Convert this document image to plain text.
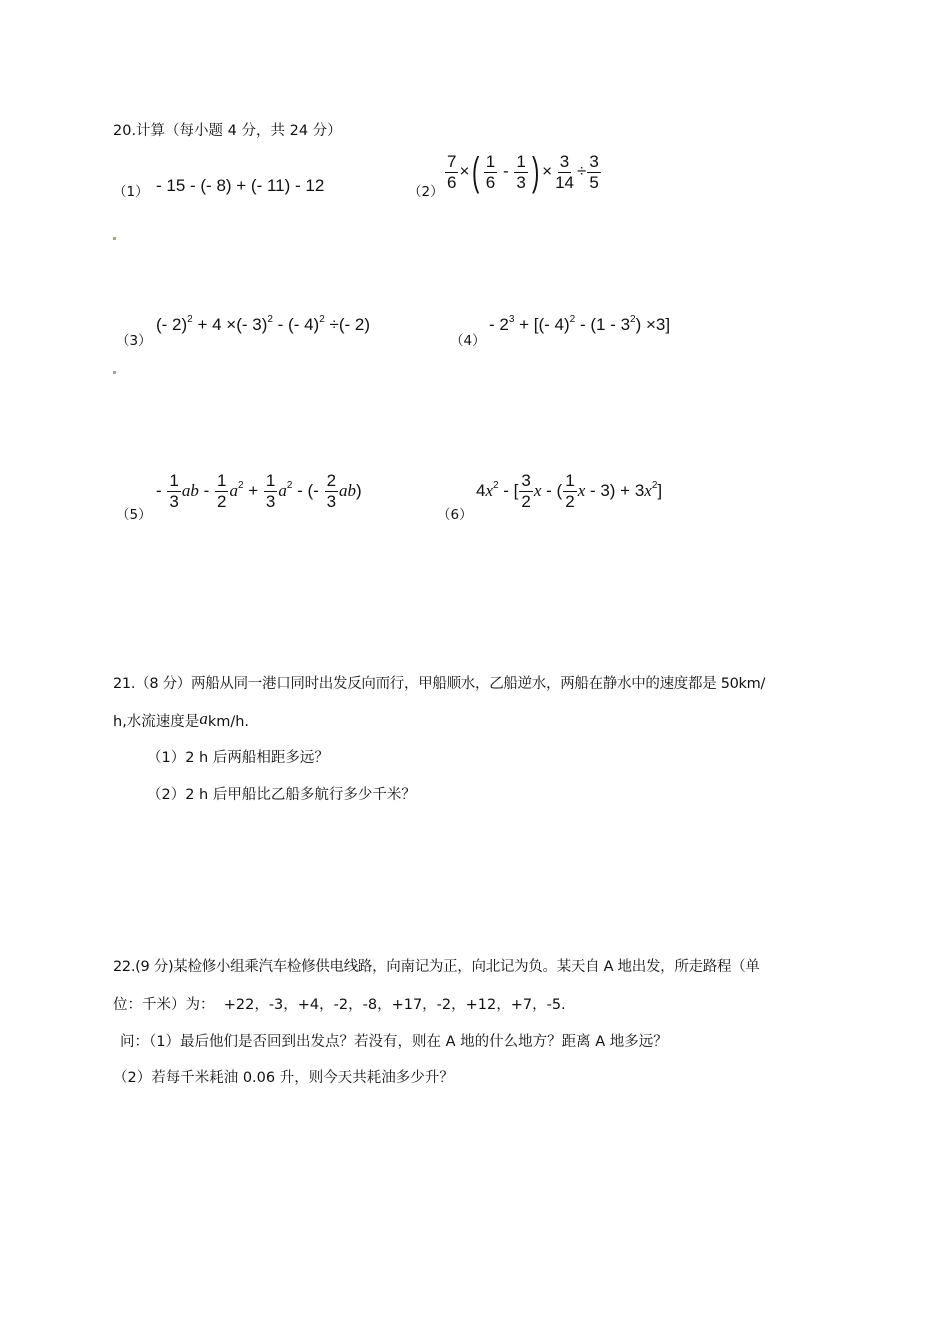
20.计算（每小题 4 分，共 24 分）
（1） - 15 - (- 8) + (- 11) - 12	（2）
$\frac{7}{6}$ ×( $\frac{1}{6} - \frac{1}{3}$ ) × $\frac{3}{14} \div \frac{3}{5}$
（3）
(- 2)$^2$ + 4 ×(- 3)$^2$ - (- 4)$^2$ ÷(- 2)
（4）
- $2^3$ + [(- $4)^2 - (1 - 3^2) \times 3$]
（5）
- $\frac{1}{3}$ ab - $\frac{1}{2} a^2 + \frac{1}{3} a^2$ - (- $\frac{2}{3} ab$)
（6）
$4x^2$ - [ $\frac{3}{2}$ x - ( $\frac{1}{2}$ $x - 3) + 3x^2$]
21.（8 分）两船从同一港口同时出发反向而行，甲船顺水，乙船逆水，两船在静水中的速度都是 50km/
h,水流速度是akm/h.
（1）2 h 后两船相距多远？
（2）2 h 后甲船比乙船多航行多少千米？
22.(9 分)某检修小组乘汽车检修供电线路，向南记为正，向北记为负。某天自 A 地出发，所走路程（单
位：千米）为：  +22，-3，+4，-2，-8，+17，-2，+12，+7，-5.
问：（1）最后他们是否回到出发点？若没有，则在 A 地的什么地方？距离 A 地多远？
（2）若每千米耗油 0.06 升，则今天共耗油多少升？
